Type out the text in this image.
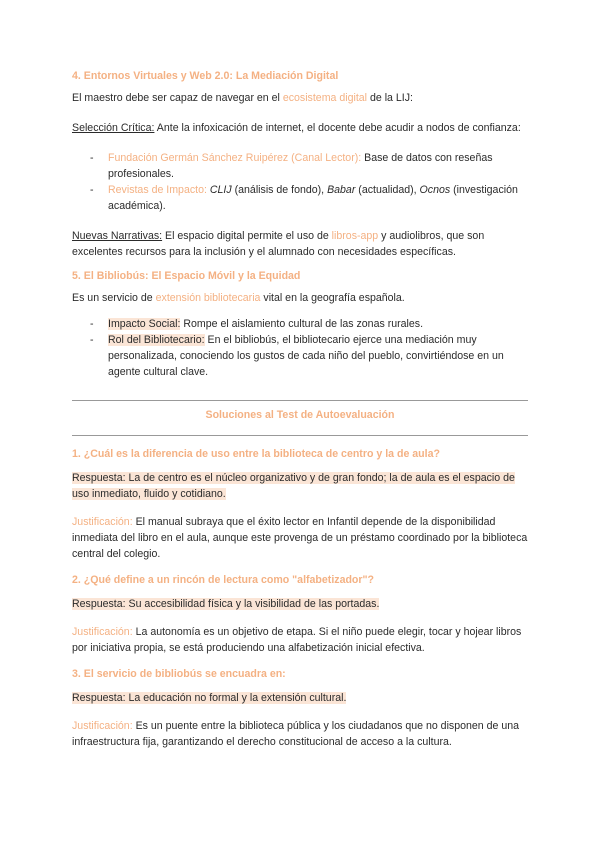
4. Entornos Virtuales y Web 2.0: La Mediación Digital

El maestro debe ser capaz de navegar en el ecosistema digital de la LIJ:

Selección Crítica: Ante la infoxicación de internet, el docente debe acudir a nodos de confianza:

- Fundación Germán Sánchez Ruipérez (Canal Lector): Base de datos con reseñas profesionales.
- Revistas de Impacto: CLIJ (análisis de fondo), Babar (actualidad), Ocnos (investigación académica).

Nuevas Narrativas: El espacio digital permite el uso de libros-app y audiolibros, que son excelentes recursos para la inclusión y el alumnado con necesidades específicas.

5. El Bibliobús: El Espacio Móvil y la Equidad

Es un servicio de extensión bibliotecaria vital en la geografía española.

- Impacto Social: Rompe el aislamiento cultural de las zonas rurales.
- Rol del Bibliotecario: En el bibliobús, el bibliotecario ejerce una mediación muy personalizada, conociendo los gustos de cada niño del pueblo, convirtiéndose en un agente cultural clave.
Soluciones al Test de Autoevaluación
1. ¿Cuál es la diferencia de uso entre la biblioteca de centro y la de aula?

Respuesta: La de centro es el núcleo organizativo y de gran fondo; la de aula es el espacio de uso inmediato, fluido y cotidiano.

Justificación: El manual subraya que el éxito lector en Infantil depende de la disponibilidad inmediata del libro en el aula, aunque este provenga de un préstamo coordinado por la biblioteca central del colegio.

2. ¿Qué define a un rincón de lectura como "alfabetizador"?

Respuesta: Su accesibilidad física y la visibilidad de las portadas.

Justificación: La autonomía es un objetivo de etapa. Si el niño puede elegir, tocar y hojear libros por iniciativa propia, se está produciendo una alfabetización inicial efectiva.

3. El servicio de bibliobús se encuadra en:

Respuesta: La educación no formal y la extensión cultural.

Justificación: Es un puente entre la biblioteca pública y los ciudadanos que no disponen de una infraestructura fija, garantizando el derecho constitucional de acceso a la cultura.
